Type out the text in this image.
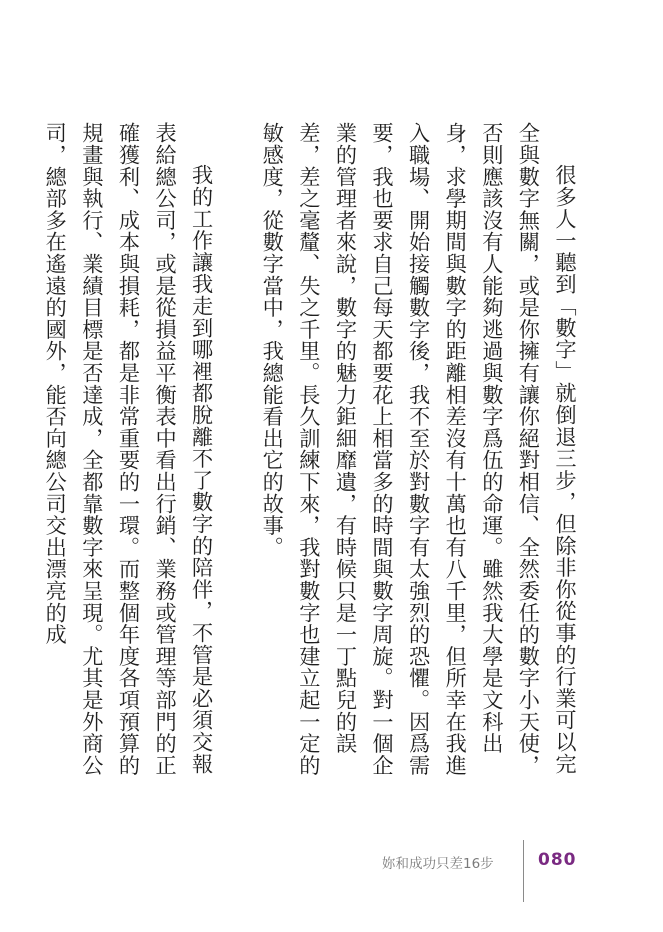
很多人一聽到「數字」就倒退三步，但除非你從事的行業可以完全與數字無關，或是你擁有讓你絕對相信、全然委任的數字小天使，否則應該沒有人能夠逃過與數字爲伍的命運。雖然我大學是文科出身，求學期間與數字的距離相差沒有十萬也有八千里，但所幸在我進入職場、開始接觸數字後，我不至於對數字有太強烈的恐懼。因爲需要，我也要求自己每天都要花上相當多的時間與數字周旋。對一個企業的管理者來說，數字的魅力鉅細靡遺，有時候只是一丁點兒的誤差，差之毫釐、失之千里。長久訓練下來，我對數字也建立起一定的敏感度，從數字當中，我總能看出它的故事。

我的工作讓我走到哪裡都脫離不了數字的陪伴，不管是必須交報表給總公司，或是從損益平衡表中看出行銷、業務或管理等部門的正確獲利、成本與損耗，都是非常重要的一環。而整個年度各項預算的規畫與執行、業績目標是否達成，全都靠數字來呈現。尤其是外商公司，總部多在遙遠的國外，能否向總公司交出漂亮的成

妳和成功只差16步	080
